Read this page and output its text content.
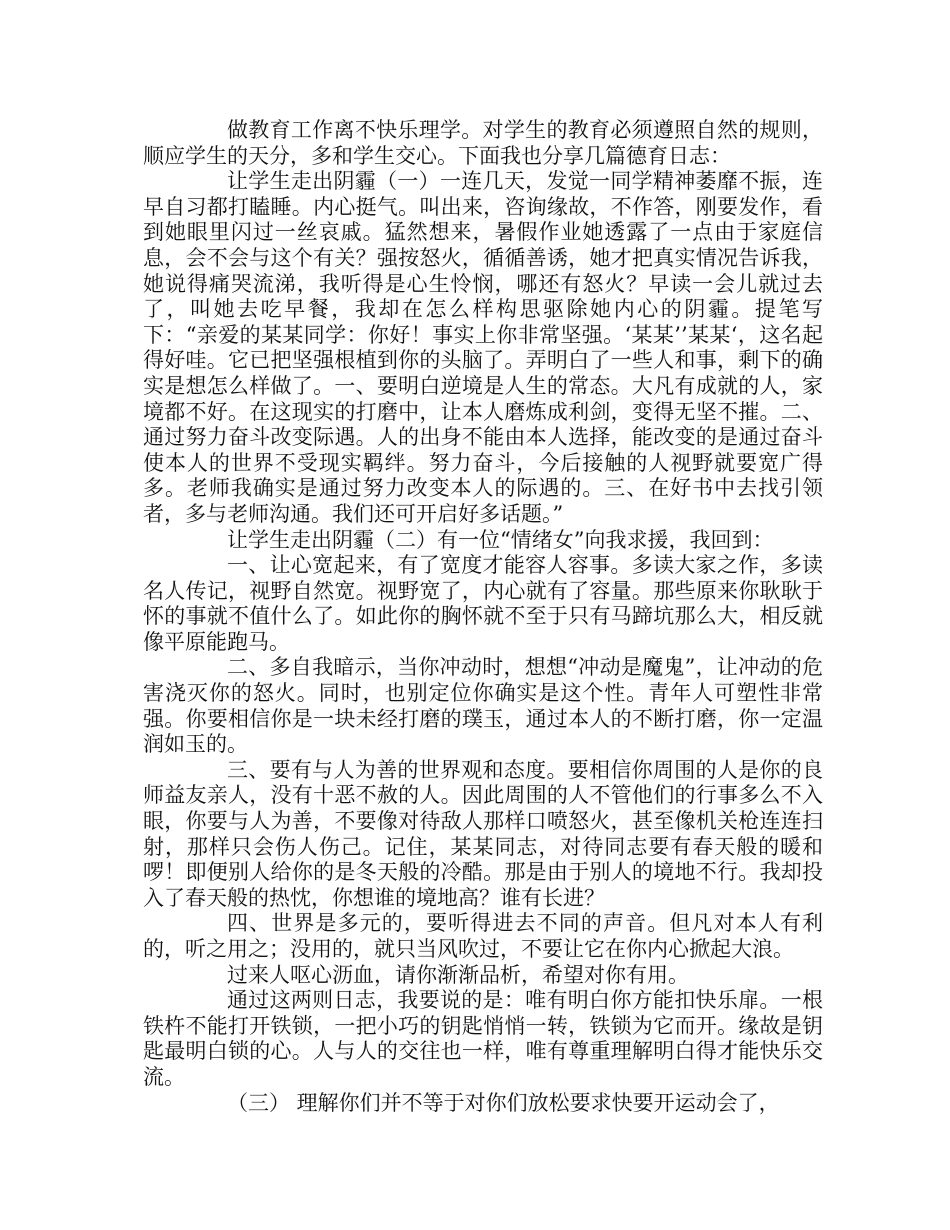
做教育工作离不快乐理学。对学生的教育必须遵照自然的规则，顺应学生的天分，多和学生交心。下面我也分享几篇德育日志：

让学生走出阴霾（一）一连几天，发觉一同学精神萎靡不振，连早自习都打瞌睡。内心挺气。叫出来，咨询缘故，不作答，刚要发作，看到她眼里闪过一丝哀戚。猛然想来，暑假作业她透露了一点由于家庭信息，会不会与这个有关？强按怒火，循循善诱，她才把真实情况告诉我，她说得痛哭流涕，我听得是心生怜悯，哪还有怒火？早读一会儿就过去了，叫她去吃早餐，我却在怎么样构思驱除她内心的阴霾。提笔写下：“亲爱的某某同学：你好！事实上你非常坚强。‘某某’’某某‘，这名起得好哇。它已把坚强根植到你的头脑了。弄明白了一些人和事，剩下的确实是想怎么样做了。一、要明白逆境是人生的常态。大凡有成就的人，家境都不好。在这现实的打磨中，让本人磨炼成利剑，变得无坚不摧。二、通过努力奋斗改变际遇。人的出身不能由本人选择，能改变的是通过奋斗使本人的世界不受现实羁绊。努力奋斗，今后接触的人视野就要宽广得多。老师我确实是通过努力改变本人的际遇的。三、在好书中去找引领者，多与老师沟通。我们还可开启好多话题。”

让学生走出阴霾（二）有一位“情绪女”向我求援，我回到：

一、让心宽起来，有了宽度才能容人容事。多读大家之作，多读名人传记，视野自然宽。视野宽了，内心就有了容量。那些原来你耿耿于怀的事就不值什么了。如此你的胸怀就不至于只有马蹄坑那么大，相反就像平原能跑马。

二、多自我暗示，当你冲动时，想想“冲动是魔鬼”，让冲动的危害浇灭你的怒火。同时，也别定位你确实是这个性。青年人可塑性非常强。你要相信你是一块未经打磨的璞玉，通过本人的不断打磨，你一定温润如玉的。

三、要有与人为善的世界观和态度。要相信你周围的人是你的良师益友亲人，没有十恶不赦的人。因此周围的人不管他们的行事多么不入眼，你要与人为善，不要像对待敌人那样口喷怒火，甚至像机关枪连连扫射，那样只会伤人伤己。记住，某某同志，对待同志要有春天般的暖和啰！即便别人给你的是冬天般的冷酷。那是由于别人的境地不行。我却投入了春天般的热忱，你想谁的境地高？谁有长进？

四、世界是多元的，要听得进去不同的声音。但凡对本人有利的，听之用之；没用的，就只当风吹过，不要让它在你内心掀起大浪。

过来人呕心沥血，请你渐渐品析，希望对你有用。

通过这两则日志，我要说的是：唯有明白你方能扣快乐扉。一根铁杵不能打开铁锁，一把小巧的钥匙悄悄一转，铁锁为它而开。缘故是钥匙最明白锁的心。人与人的交往也一样，唯有尊重理解明白得才能快乐交流。

（三） 理解你们并不等于对你们放松要求快要开运动会了，
